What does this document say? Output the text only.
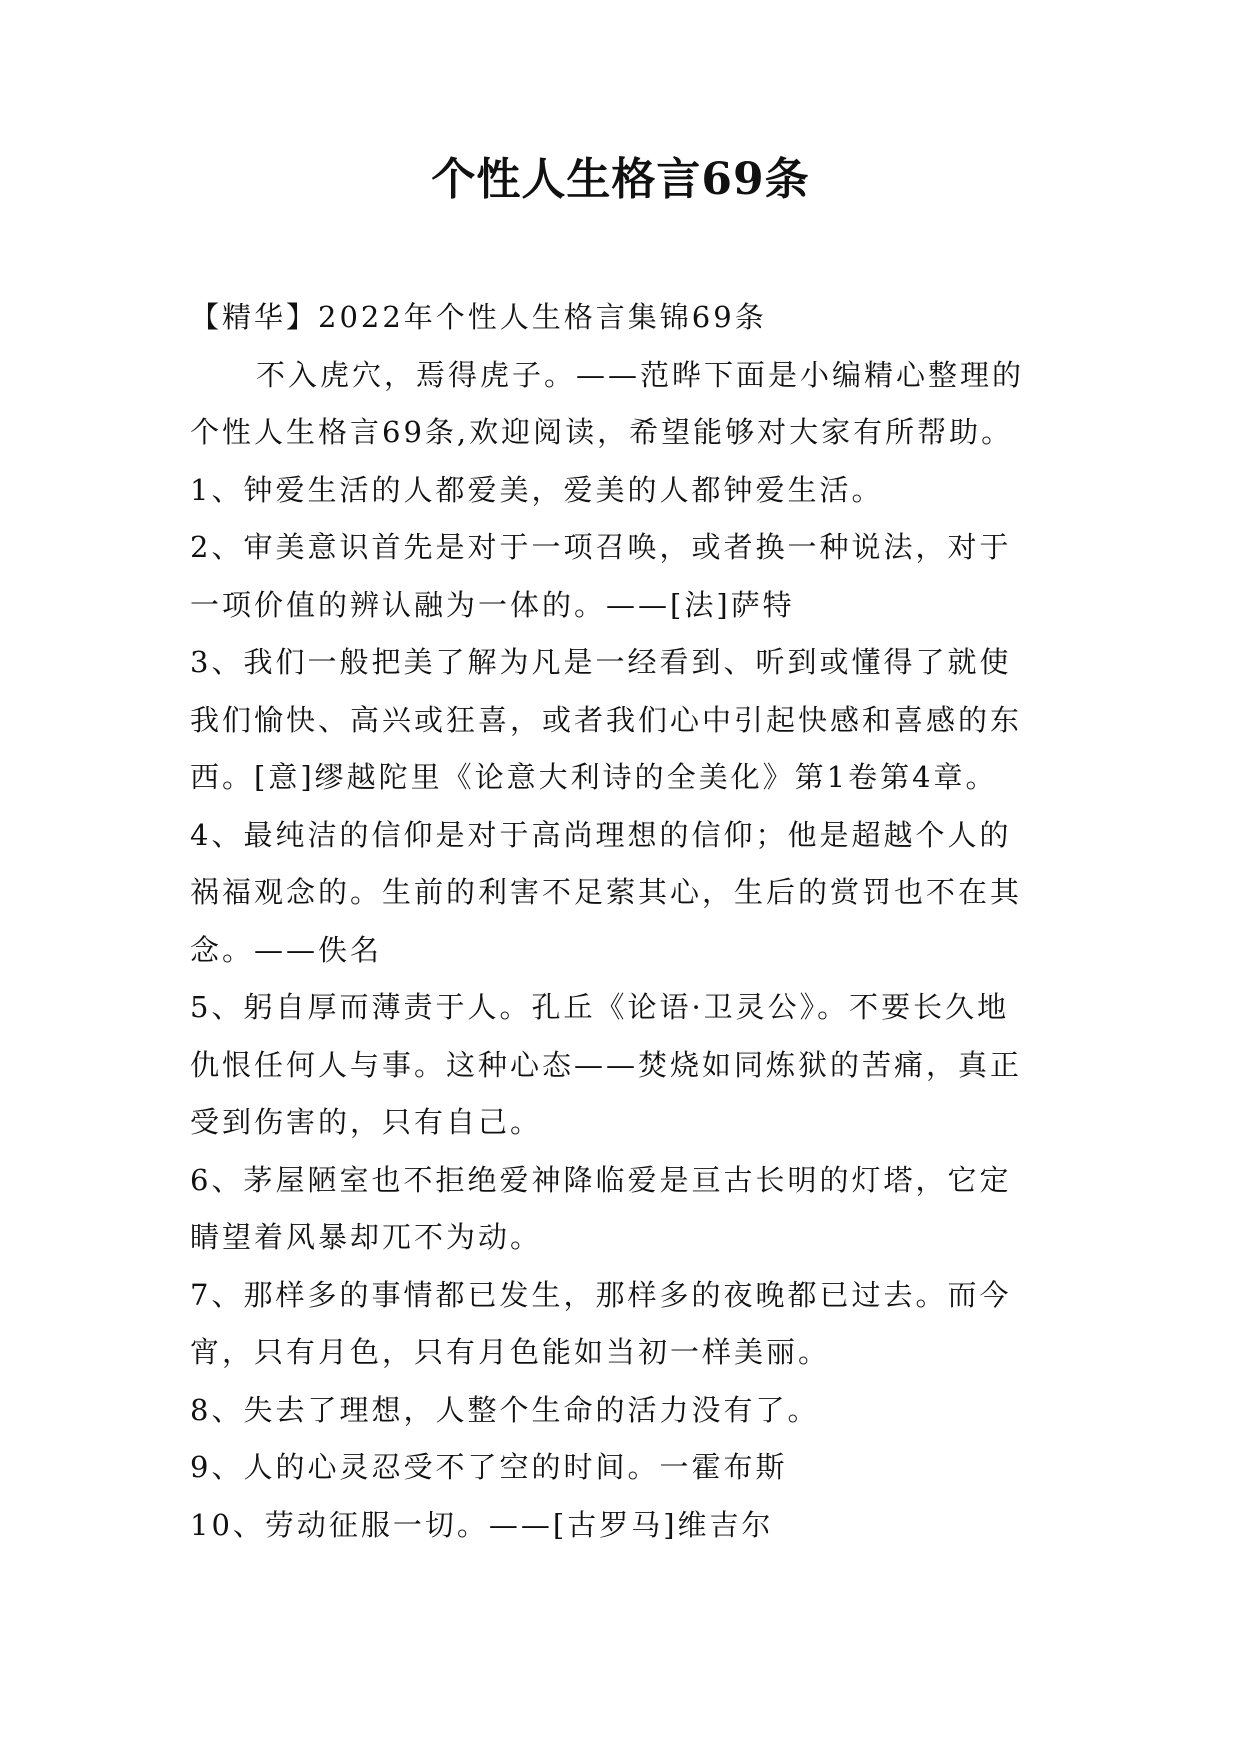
个性人生格言69条
【精华】2022年个性人生格言集锦69条
不入虎穴，焉得虎子。——范晔下面是小编精心整理的
个性人生格言69条,欢迎阅读，希望能够对大家有所帮助。
1、钟爱生活的人都爱美，爱美的人都钟爱生活。
2、审美意识首先是对于一项召唤，或者换一种说法，对于
一项价值的辨认融为一体的。——[法]萨特
3、我们一般把美了解为凡是一经看到、听到或懂得了就使
我们愉快、高兴或狂喜，或者我们心中引起快感和喜感的东
西。[意]缪越陀里《论意大利诗的全美化》第1卷第4章。
4、最纯洁的信仰是对于高尚理想的信仰；他是超越个人的
祸福观念的。生前的利害不足萦其心，生后的赏罚也不在其
念。——佚名
5、躬自厚而薄责于人。孔丘《论语·卫灵公》。不要长久地
仇恨任何人与事。这种心态——焚烧如同炼狱的苦痛，真正
受到伤害的，只有自己。
6、茅屋陋室也不拒绝爱神降临爱是亘古长明的灯塔，它定
睛望着风暴却兀不为动。
7、那样多的事情都已发生，那样多的夜晚都已过去。而今
宵，只有月色，只有月色能如当初一样美丽。
8、失去了理想，人整个生命的活力没有了。
9、人的心灵忍受不了空的时间。一霍布斯
10、劳动征服一切。——[古罗马]维吉尔
